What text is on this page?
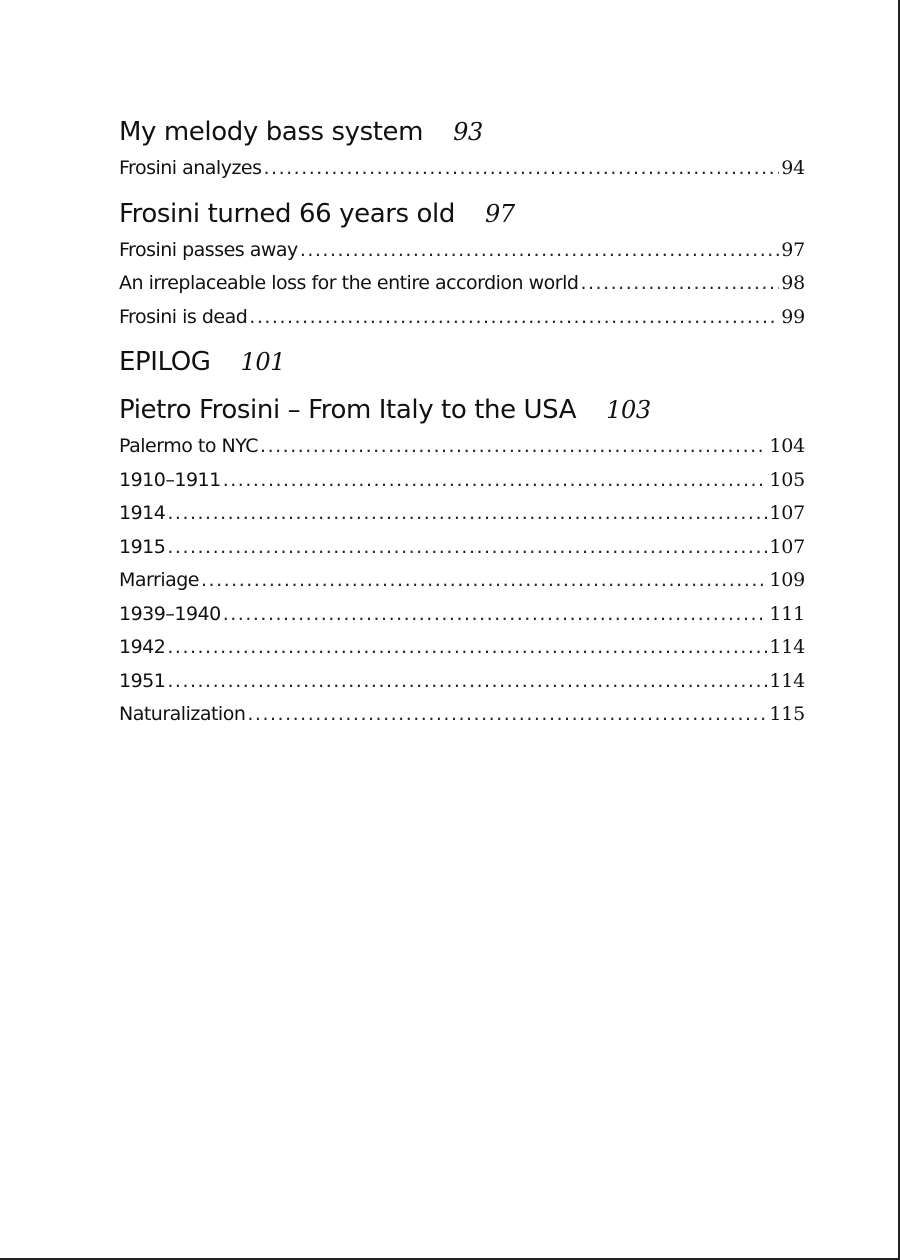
My melody bass system 93
Frosini analyzes .....	94
Frosini turned 66 years old 97
Frosini passes away .....	97
An irreplaceable loss for the entire accordion world .....	98
Frosini is dead .....	99
EPILOG 101
Pietro Frosini – From Italy to the USA 103
Palermo to NYC .....	104
1910–1911 .....	105
1914 .....	107
1915 .....	107
Marriage .....	109
1939–1940 .....	111
1942 .....	114
1951 .....	114
Naturalization .....	115
